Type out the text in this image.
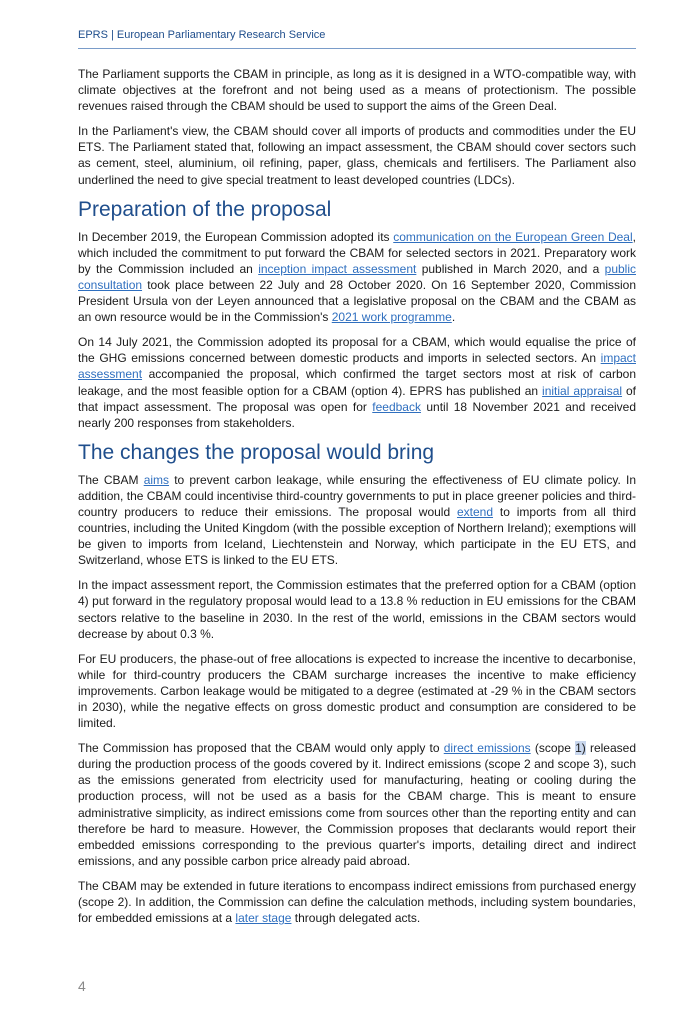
EPRS | European Parliamentary Research Service

The Parliament supports the CBAM in principle, as long as it is designed in a WTO-compatible way, with climate objectives at the forefront and not being used as a means of protectionism. The possible revenues raised through the CBAM should be used to support the aims of the Green Deal.

In the Parliament's view, the CBAM should cover all imports of products and commodities under the EU ETS. The Parliament stated that, following an impact assessment, the CBAM should cover sectors such as cement, steel, aluminium, oil refining, paper, glass, chemicals and fertilisers. The Parliament also underlined the need to give special treatment to least developed countries (LDCs).

Preparation of the proposal

In December 2019, the European Commission adopted its communication on the European Green Deal, which included the commitment to put forward the CBAM for selected sectors in 2021. Preparatory work by the Commission included an inception impact assessment published in March 2020, and a public consultation took place between 22 July and 28 October 2020. On 16 September 2020, Commission President Ursula von der Leyen announced that a legislative proposal on the CBAM and the CBAM as an own resource would be in the Commission's 2021 work programme.

On 14 July 2021, the Commission adopted its proposal for a CBAM, which would equalise the price of the GHG emissions concerned between domestic products and imports in selected sectors. An impact assessment accompanied the proposal, which confirmed the target sectors most at risk of carbon leakage, and the most feasible option for a CBAM (option 4). EPRS has published an initial appraisal of that impact assessment. The proposal was open for feedback until 18 November 2021 and received nearly 200 responses from stakeholders.

The changes the proposal would bring

The CBAM aims to prevent carbon leakage, while ensuring the effectiveness of EU climate policy. In addition, the CBAM could incentivise third-country governments to put in place greener policies and third-country producers to reduce their emissions. The proposal would extend to imports from all third countries, including the United Kingdom (with the possible exception of Northern Ireland); exemptions will be given to imports from Iceland, Liechtenstein and Norway, which participate in the EU ETS, and Switzerland, whose ETS is linked to the EU ETS.

In the impact assessment report, the Commission estimates that the preferred option for a CBAM (option 4) put forward in the regulatory proposal would lead to a 13.8 % reduction in EU emissions for the CBAM sectors relative to the baseline in 2030. In the rest of the world, emissions in the CBAM sectors would decrease by about 0.3 %.

For EU producers, the phase-out of free allocations is expected to increase the incentive to decarbonise, while for third-country producers the CBAM surcharge increases the incentive to make efficiency improvements. Carbon leakage would be mitigated to a degree (estimated at -29 % in the CBAM sectors in 2030), while the negative effects on gross domestic product and consumption are considered to be limited.

The Commission has proposed that the CBAM would only apply to direct emissions (scope 1) released during the production process of the goods covered by it. Indirect emissions (scope 2 and scope 3), such as the emissions generated from electricity used for manufacturing, heating or cooling during the production process, will not be used as a basis for the CBAM charge. This is meant to ensure administrative simplicity, as indirect emissions come from sources other than the reporting entity and can therefore be hard to measure. However, the Commission proposes that declarants would report their embedded emissions corresponding to the previous quarter's imports, detailing direct and indirect emissions, and any possible carbon price already paid abroad.

The CBAM may be extended in future iterations to encompass indirect emissions from purchased energy (scope 2). In addition, the Commission can define the calculation methods, including system boundaries, for embedded emissions at a later stage through delegated acts.

4
